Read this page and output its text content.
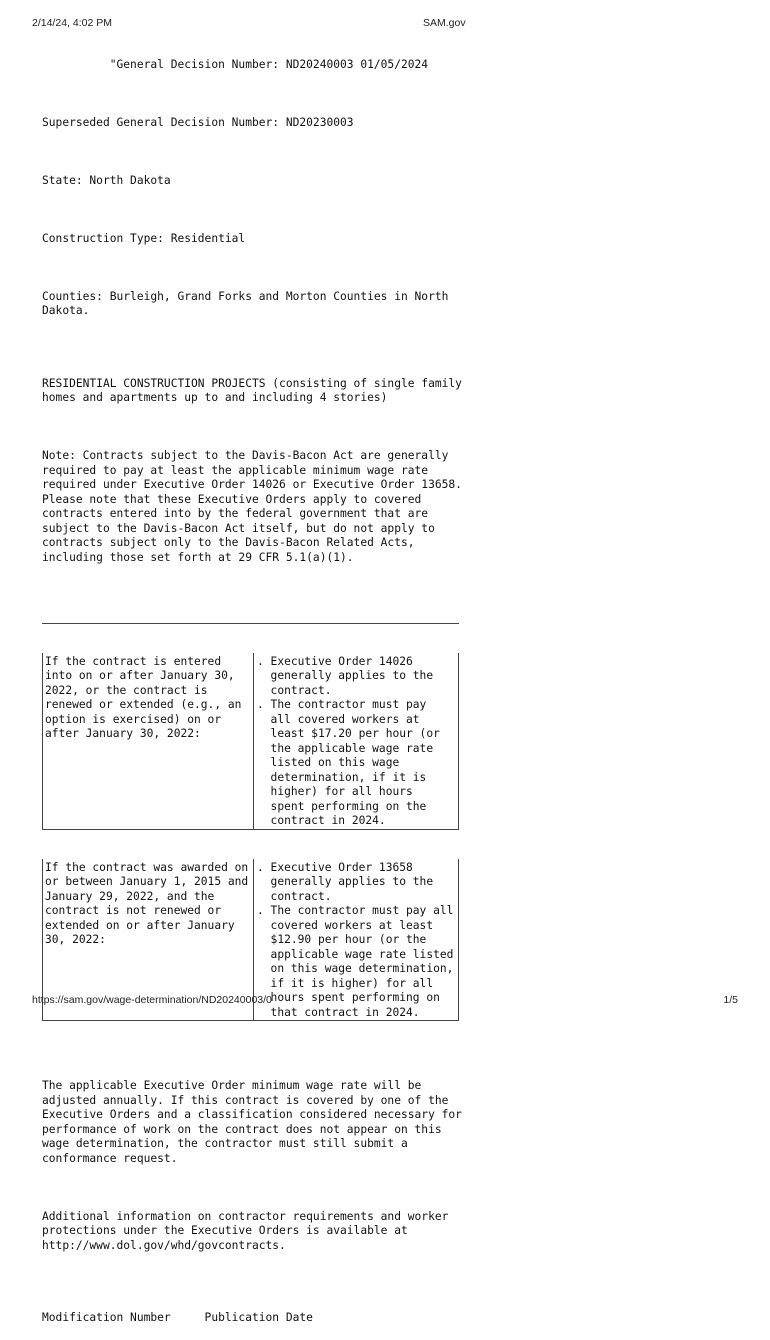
2/14/24, 4:02 PM	SAM.gov

"General Decision Number: ND20240003 01/05/2024

Superseded General Decision Number: ND20230003

State: North Dakota

Construction Type: Residential

Counties: Burleigh, Grand Forks and Morton Counties in North
Dakota.

RESIDENTIAL CONSTRUCTION PROJECTS (consisting of single family
homes and apartments up to and including 4 stories)

Note: Contracts subject to the Davis-Bacon Act are generally
required to pay at least the applicable minimum wage rate
required under Executive Order 14026 or Executive Order 13658.
Please note that these Executive Orders apply to covered
contracts entered into by the federal government that are
subject to the Davis-Bacon Act itself, but do not apply to
contracts subject only to the Davis-Bacon Related Acts,
including those set forth at 29 CFR 5.1(a)(1).

If the contract is entered
into on or after January 30,
2022, or the contract is
renewed or extended (e.g., an
option is exercised) on or
after January 30, 2022:
. Executive Order 14026
generally applies to the
contract.
. The contractor must pay
all covered workers at
least $17.20 per hour (or
the applicable wage rate
listed on this wage
determination, if it is
higher) for all hours
spent performing on the
contract in 2024.

If the contract was awarded on
or between January 1, 2015 and
January 29, 2022, and the
contract is not renewed or
extended on or after January
30, 2022:
. Executive Order 13658
generally applies to the
contract.
. The contractor must pay all
covered workers at least
$12.90 per hour (or the
applicable wage rate listed
on this wage determination,
if it is higher) for all
hours spent performing on
that contract in 2024.

The applicable Executive Order minimum wage rate will be
adjusted annually. If this contract is covered by one of the
Executive Orders and a classification considered necessary for
performance of work on the contract does not appear on this
wage determination, the contractor must still submit a
conformance request.

Additional information on contractor requirements and worker
protections under the Executive Orders is available at
http://www.dol.gov/whd/govcontracts.

Modification Number     Publication Date

https://sam.gov/wage-determination/ND20240003/0	1/5
